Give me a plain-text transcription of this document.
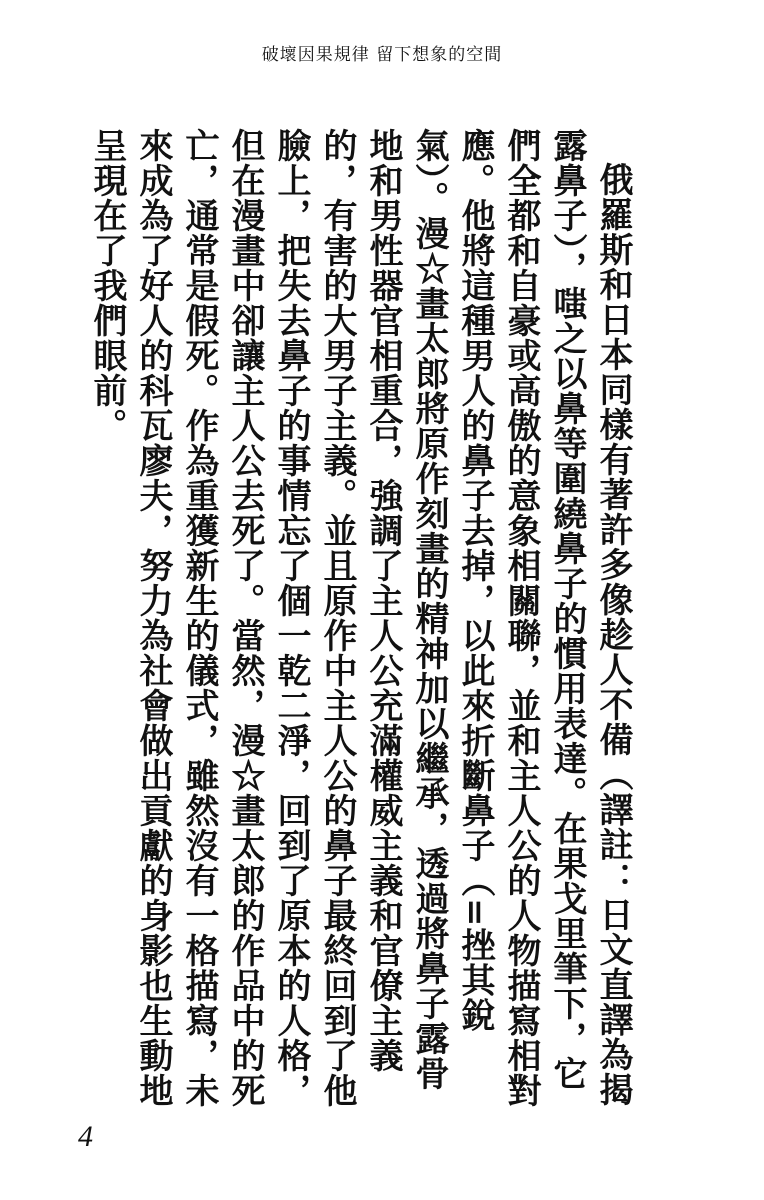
破壞因果規律 留下想象的空間

俄羅斯和日本同樣有著許多像趁人不備（譯註：日文直譯為揭露鼻子），嗤之以鼻等圍繞鼻子的慣用表達。在果戈里筆下，它們全都和自豪或高傲的意象相關聯，並和主人公的人物描寫相對應。他將這種男人的鼻子去掉，以此來折斷鼻子（=挫其銳氣）。漫☆畫太郎將原作刻畫的精神加以繼承，透過將鼻子露骨地和男性器官相重合，強調了主人公充滿權威主義和官僚主義的，有害的大男子主義。並且原作中主人公的鼻子最終回到了他臉上，把失去鼻子的事情忘了個一乾二淨，回到了原本的人格，但在漫畫中卻讓主人公去死了。當然，漫☆畫太郎的作品中的死亡，通常是假死。作為重獲新生的儀式，雖然沒有一格描寫，未來成為了好人的科瓦廖夫，努力為社會做出貢獻的身影也生動地呈現在了我們眼前。

4
